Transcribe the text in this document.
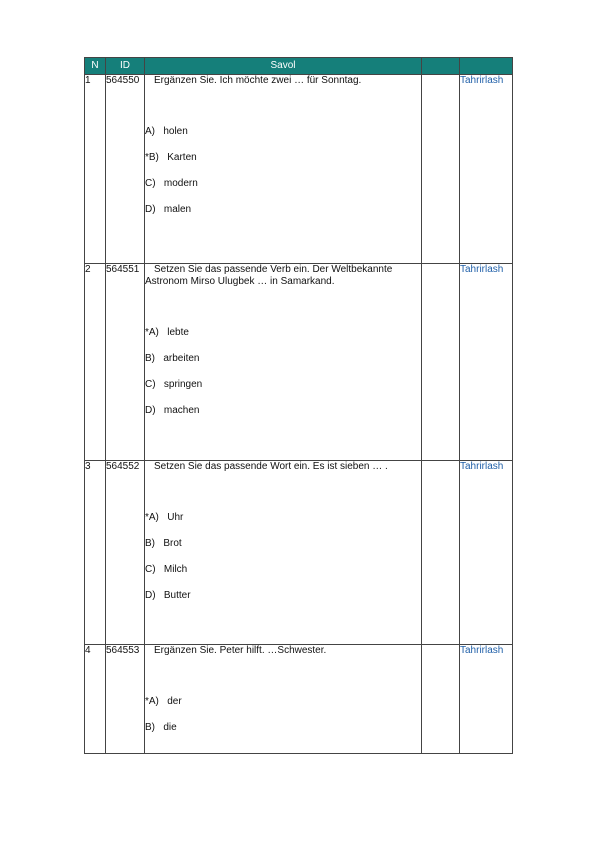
N	ID	Savol		
1	564550	Ergänzen Sie. Ich möchte zwei … für Sonntag.
A)   holen
*B)   Karten
C)   modern
D)   malen		Tahrirlash
2	564551	Setzen Sie das passende Verb ein. Der Weltbekannte Astronom Mirso Ulugbek … in Samarkand.
*A)   lebte
B)   arbeiten
C)   springen
D)   machen		Tahrirlash
3	564552	Setzen Sie das passende Wort ein. Es ist sieben … .
*A)   Uhr
B)   Brot
C)   Milch
D)   Butter		Tahrirlash
4	564553	Ergänzen Sie. Peter hilft. …Schwester.
*A)   der
B)   die		Tahrirlash
